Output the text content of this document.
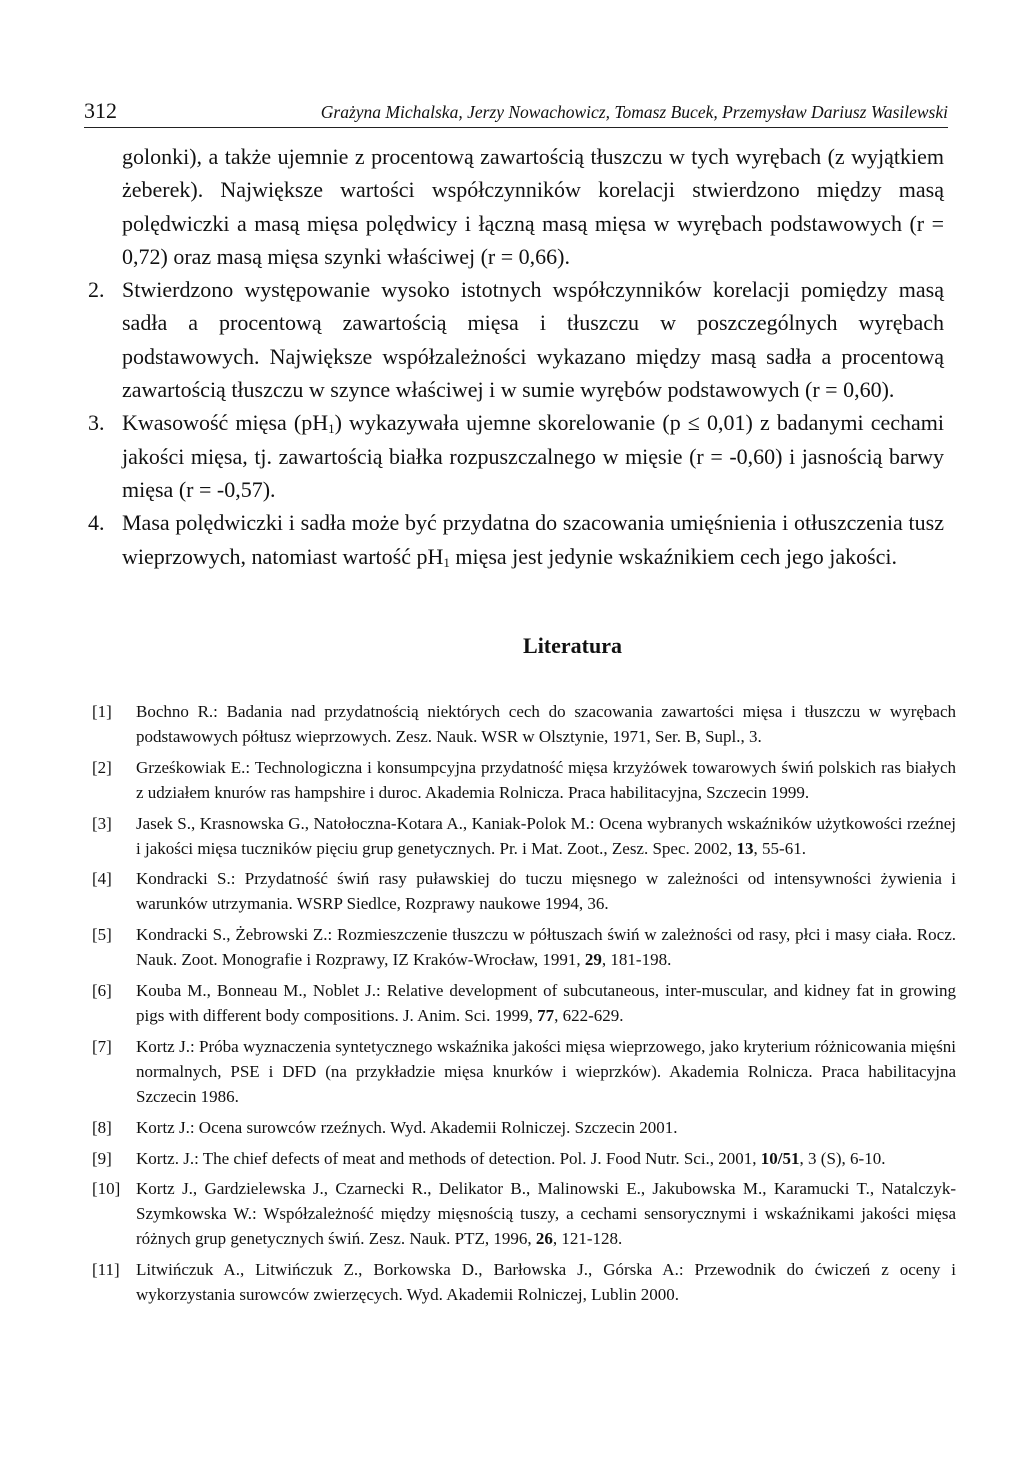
312	Grażyna Michalska, Jerzy Nowachowicz, Tomasz Bucek, Przemysław Dariusz Wasilewski
golonki), a także ujemnie z procentową zawartością tłuszczu w tych wyrębach (z wyjątkiem żeberek). Największe wartości współczynników korelacji stwierdzono między masą polędwiczki a masą mięsa polędwicy i łączną masą mięsa w wyrębach podstawowych (r = 0,72) oraz masą mięsa szynki właściwej (r = 0,66).
2. Stwierdzono występowanie wysoko istotnych współczynników korelacji pomiędzy masą sadła a procentową zawartością mięsa i tłuszczu w poszczególnych wyrębach podstawowych. Największe współzależności wykazano między masą sadła a procentową zawartością tłuszczu w szynce właściwej i w sumie wyrębów podstawowych (r = 0,60).
3. Kwasowość mięsa $(pH_1)$ wykazywała ujemne skorelowanie (p ≤ 0,01) z badanymi cechami jakości mięsa, tj. zawartością białka rozpuszczalnego w mięsie (r = -0,60) i jasnością barwy mięsa (r = -0,57).
4. Masa polędwiczki i sadła może być przydatna do szacowania umięśnienia i otłuszczenia tusz wieprzowych, natomiast wartość $pH_1$ mięsa jest jedynie wskaźnikiem cech jego jakości.
Literatura
[1]	Bochno R.: Badania nad przydatnością niektórych cech do szacowania zawartości mięsa i tłuszczu w wyrębach podstawowych półtusz wieprzowych. Zesz. Nauk. WSR w Olsztynie, 1971, Ser. B, Supl., 3.
[2]	Grześkowiak E.: Technologiczna i konsumpcyjna przydatność mięsa krzyżówek towarowych świń polskich ras białych z udziałem knurów ras hampshire i duroc. Akademia Rolnicza. Praca habilitacyjna, Szczecin 1999.
[3]	Jasek S., Krasnowska G., Natołoczna-Kotara A., Kaniak-Polok M.: Ocena wybranych wskaźników użytkowości rzeźnej i jakości mięsa tuczników pięciu grup genetycznych. Pr. i Mat. Zoot., Zesz. Spec. 2002, 13, 55-61.
[4]	Kondracki S.: Przydatność świń rasy puławskiej do tuczu mięsnego w zależności od intensywności żywienia i warunków utrzymania. WSRP Siedlce, Rozprawy naukowe 1994, 36.
[5]	Kondracki S., Żebrowski Z.: Rozmieszczenie tłuszczu w półtuszach świń w zależności od rasy, płci i masy ciała. Rocz. Nauk. Zoot. Monografie i Rozprawy, IZ Kraków-Wrocław, 1991, 29, 181-198.
[6]	Kouba M., Bonneau M., Noblet J.: Relative development of subcutaneous, inter-muscular, and kidney fat in growing pigs with different body compositions. J. Anim. Sci. 1999, 77, 622-629.
[7]	Kortz J.: Próba wyznaczenia syntetycznego wskaźnika jakości mięsa wieprzowego, jako kryterium różnicowania mięśni normalnych, PSE i DFD (na przykładzie mięsa knurków i wieprzków). Akademia Rolnicza. Praca habilitacyjna Szczecin 1986.
[8]	Kortz J.: Ocena surowców rzeźnych. Wyd. Akademii Rolniczej. Szczecin 2001.
[9]	Kortz. J.: The chief defects of meat and methods of detection. Pol. J. Food Nutr. Sci., 2001, 10/51, 3 (S), 6-10.
[10] Kortz J., Gardzielewska J., Czarnecki R., Delikator B., Malinowski E., Jakubowska M., Karamucki T., Natalczyk-Szymkowska W.: Współzależność między mięsnością tuszy, a cechami sensorycznymi i wskaźnikami jakości mięsa różnych grup genetycznych świń. Zesz. Nauk. PTZ, 1996, 26, 121-128.
[11] Litwińczuk A., Litwińczuk Z., Borkowska D., Barłowska J., Górska A.: Przewodnik do ćwiczeń z oceny i wykorzystania surowców zwierzęcych. Wyd. Akademii Rolniczej, Lublin 2000.
